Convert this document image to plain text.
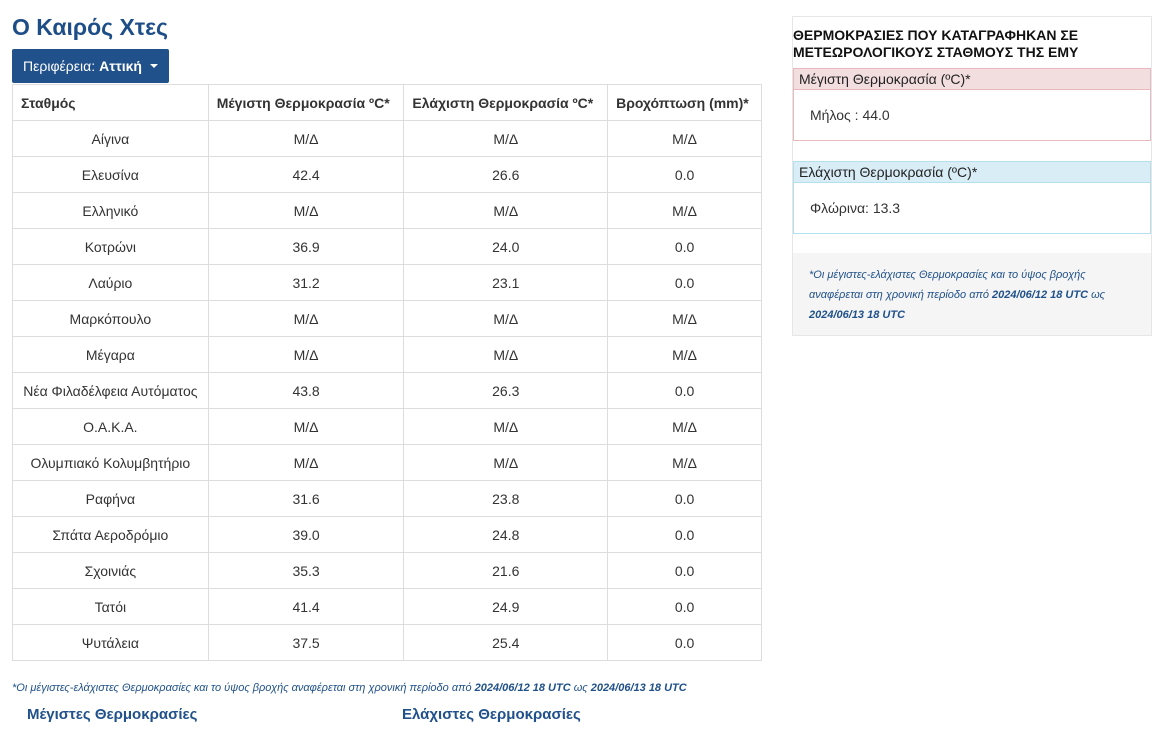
Ο Καιρός Χτες
Περιφέρεια: Αττική
Σταθμός	Μέγιστη Θερμοκρασία ºC*	Ελάχιστη Θερμοκρασία ºC*	Βροχόπτωση (mm)*
Αίγινα	Μ/Δ	Μ/Δ	Μ/Δ
Ελευσίνα	42.4	26.6	0.0
Ελληνικό	Μ/Δ	Μ/Δ	Μ/Δ
Κοτρώνι	36.9	24.0	0.0
Λαύριο	31.2	23.1	0.0
Μαρκόπουλο	Μ/Δ	Μ/Δ	Μ/Δ
Μέγαρα	Μ/Δ	Μ/Δ	Μ/Δ
Νέα Φιλαδέλφεια Αυτόματος	43.8	26.3	0.0
Ο.Α.Κ.Α.	Μ/Δ	Μ/Δ	Μ/Δ
Ολυμπιακό Κολυμβητήριο	Μ/Δ	Μ/Δ	Μ/Δ
Ραφήνα	31.6	23.8	0.0
Σπάτα Αεροδρόμιο	39.0	24.8	0.0
Σχοινιάς	35.3	21.6	0.0
Τατόι	41.4	24.9	0.0
Ψυτάλεια	37.5	25.4	0.0
*Οι μέγιστες-ελάχιστες Θερμοκρασίες και το ύψος βροχής αναφέρεται στη χρονική περίοδο από 2024/06/12 18 UTC ως 2024/06/13 18 UTC
Μέγιστες Θερμοκρασίες	Ελάχιστες Θερμοκρασίες
ΘΕΡΜΟΚΡΑΣΙΕΣ ΠΟΥ ΚΑΤΑΓΡΑΦΗΚΑΝ ΣΕ ΜΕΤΕΩΡΟΛΟΓΙΚΟΥΣ ΣΤΑΘΜΟΥΣ ΤΗΣ ΕΜΥ
Μέγιστη Θερμοκρασία (ºC)*
Μήλος : 44.0
Ελάχιστη Θερμοκρασία (ºC)*
Φλώρινα: 13.3
*Οι μέγιστες-ελάχιστες Θερμοκρασίες και το ύψος βροχής αναφέρεται στη χρονική περίοδο από 2024/06/12 18 UTC ως 2024/06/13 18 UTC
